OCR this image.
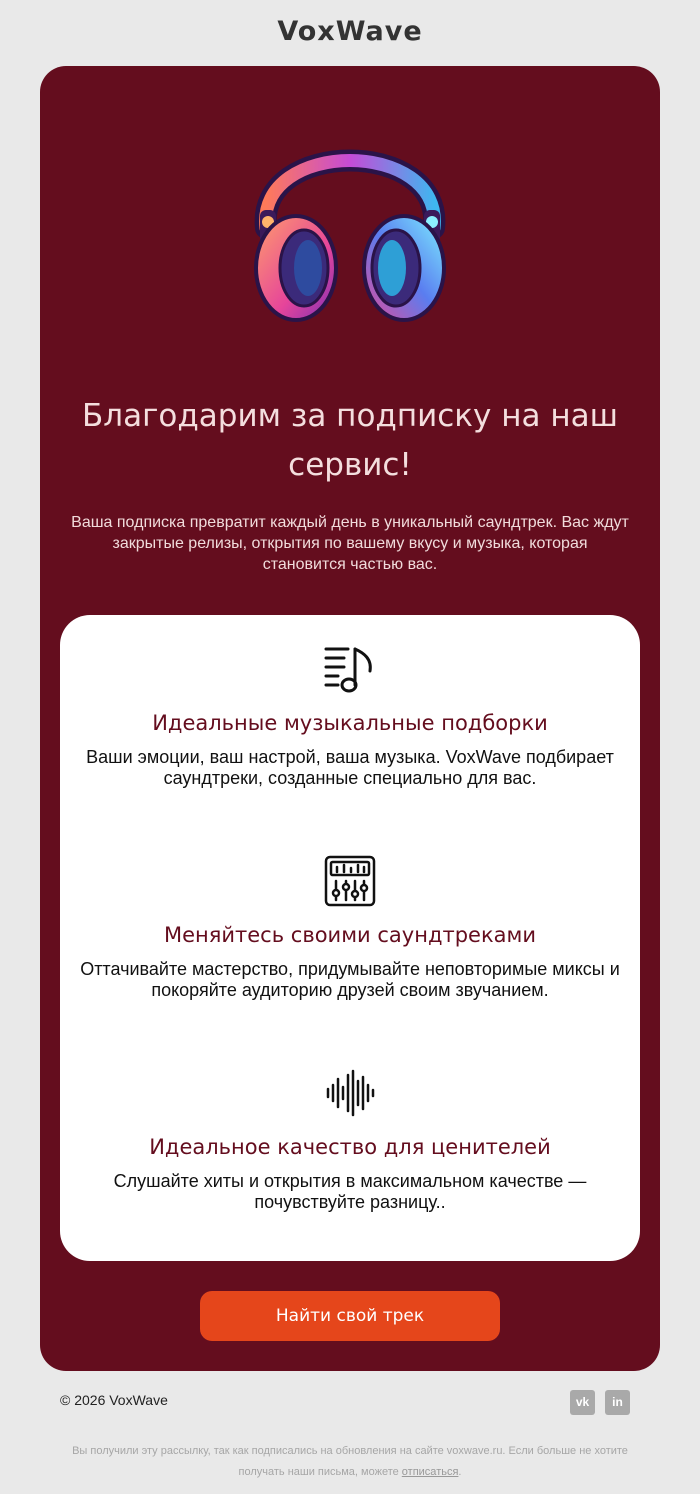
VoxWave
Благодарим за подписку на наш сервис!
Ваша подписка превратит каждый день в уникальный саундтрек. Вас ждут закрытые релизы, открытия по вашему вкусу и музыка, которая становится частью вас.
Идеальные музыкальные подборки

Ваши эмоции, ваш настрой, ваша музыка. VoxWave подбирает саундтреки, созданные специально для вас.

Меняйтесь своими саундтреками

Оттачивайте мастерство, придумывайте неповторимые миксы и покоряйте аудиторию друзей своим звучанием.

Идеальное качество для ценителей

Слушайте хиты и открытия в максимальном качестве — почувствуйте разницу..

Найти свой трек
© 2026 VoxWave	vk	in
Вы получили эту рассылку, так как подписались на обновления на сайте voxwave.ru. Если больше не хотите получать наши письма, можете отписаться.
